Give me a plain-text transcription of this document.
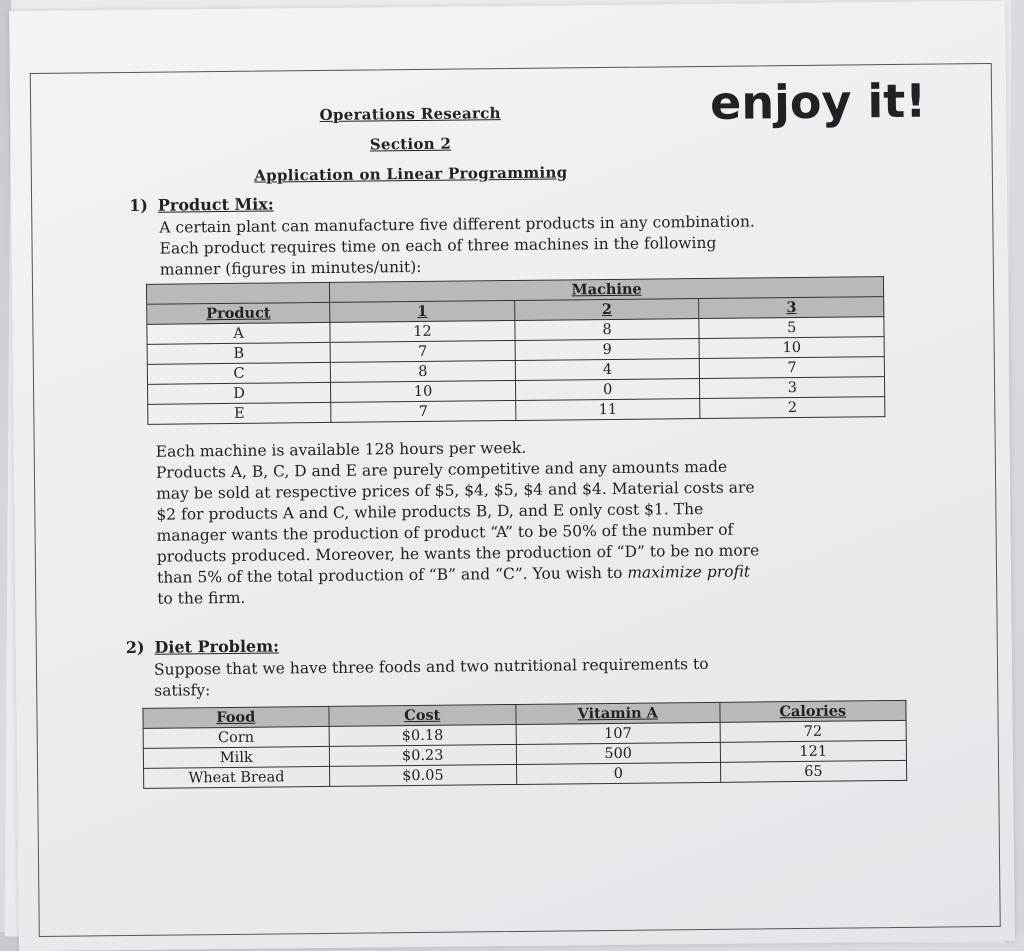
Operations Research
Section 2
Application on Linear Programming
enjoy it!
1) Product Mix:
A certain plant can manufacture five different products in any combination.
Each product requires time on each of three machines in the following
manner (figures in minutes/unit):
	Machine		
Product	1	2	3
A	12	8	5
B	7	9	10
C	8	4	7
D	10	0	3
E	7	11	2
Each machine is available 128 hours per week.
Products A, B, C, D and E are purely competitive and any amounts made
may be sold at respective prices of $5, $4, $5, $4 and $4. Material costs are
$2 for products A and C, while products B, D, and E only cost $1. The
manager wants the production of product “A” to be 50% of the number of
products produced. Moreover, he wants the production of “D” to be no more
than 5% of the total production of “B” and “C”. You wish to maximize profit
to the firm.
2) Diet Problem:
Suppose that we have three foods and two nutritional requirements to
satisfy:
Food	Cost	Vitamin A	Calories
Corn	$0.18	107	72
Milk	$0.23	500	121
Wheat Bread	$0.05	0	65
